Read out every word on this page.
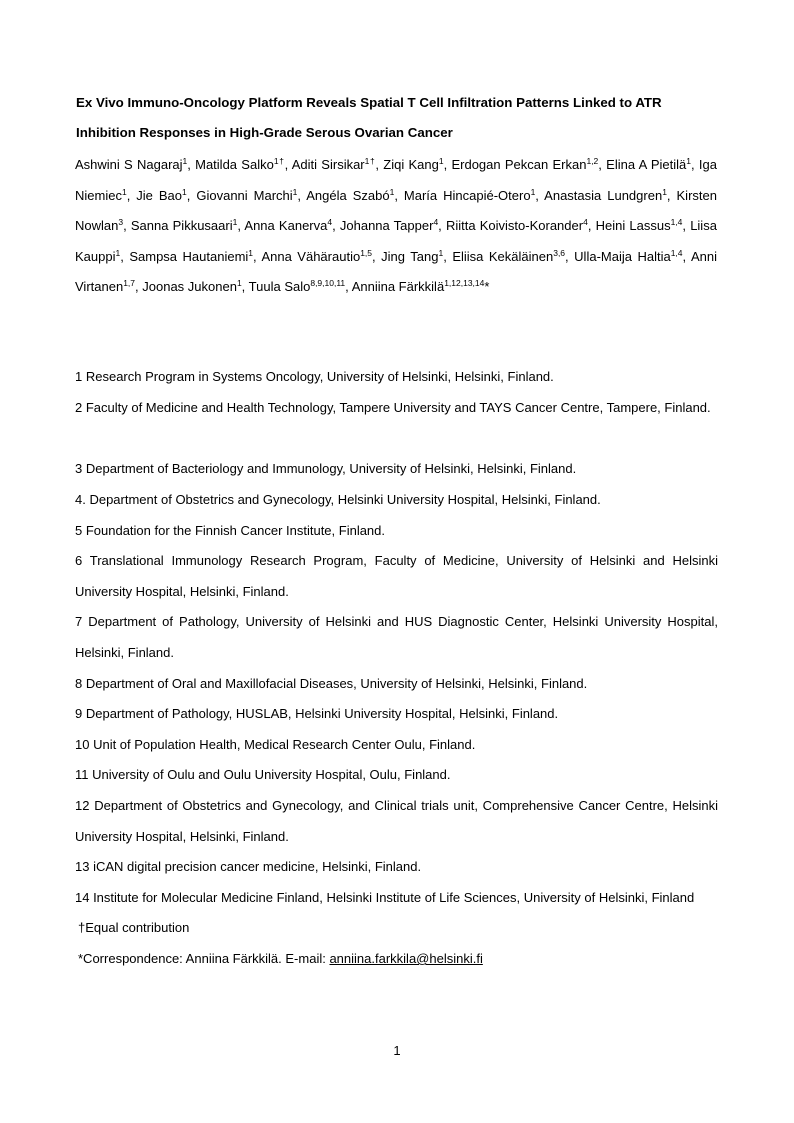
Ex Vivo Immuno-Oncology Platform Reveals Spatial T Cell Infiltration Patterns Linked to ATR
Inhibition Responses in High-Grade Serous Ovarian Cancer
Ashwini S Nagaraj$^1$, Matilda Salko$^{1\dagger}$, Aditi Sirsikar$^{1\dagger}$, Ziqi Kang$^1$, Erdogan Pekcan Erkan$^{1,2}$, Elina A Pietilä$^1$, Iga Niemiec$^1$, Jie Bao$^1$, Giovanni Marchi$^1$, Angéla Szabó$^1$, María Hincapié-Otero$^1$, Anastasia Lundgren$^1$, Kirsten Nowlan$^3$, Sanna Pikkusaari$^1$, Anna Kanerva$^4$, Johanna Tapper$^4$, Riitta Koivisto-Korander$^4$, Heini Lassus$^{1,4}$, Liisa Kauppi$^1$, Sampsa Hautaniemi$^1$, Anna Vähärautio$^{1,5}$, Jing Tang$^1$, Eliisa Kekäläinen$^{3,6}$, Ulla-Maija Haltia$^{1,4}$, Anni Virtanen$^{1,7}$, Joonas Jukonen$^1$, Tuula Salo$^{8,9,10,11}$, Anniina Färkkilä$^{1,12,13,14}$*
1 Research Program in Systems Oncology, University of Helsinki, Helsinki, Finland.
2 Faculty of Medicine and Health Technology, Tampere University and TAYS Cancer Centre, Tampere, Finland.
3 Department of Bacteriology and Immunology, University of Helsinki, Helsinki, Finland.
4. Department of Obstetrics and Gynecology, Helsinki University Hospital, Helsinki, Finland.
5 Foundation for the Finnish Cancer Institute, Finland.
6 Translational Immunology Research Program, Faculty of Medicine, University of Helsinki and Helsinki University Hospital, Helsinki, Finland.
7 Department of Pathology, University of Helsinki and HUS Diagnostic Center, Helsinki University Hospital, Helsinki, Finland.
8 Department of Oral and Maxillofacial Diseases, University of Helsinki, Helsinki, Finland.
9 Department of Pathology, HUSLAB, Helsinki University Hospital, Helsinki, Finland.
10 Unit of Population Health, Medical Research Center Oulu, Finland.
11 University of Oulu and Oulu University Hospital, Oulu, Finland.
12 Department of Obstetrics and Gynecology, and Clinical trials unit, Comprehensive Cancer Centre, Helsinki University Hospital, Helsinki, Finland.
13 iCAN digital precision cancer medicine, Helsinki, Finland.
14 Institute for Molecular Medicine Finland, Helsinki Institute of Life Sciences, University of Helsinki, Finland
†Equal contribution
*Correspondence: Anniina Färkkilä. E-mail: anniina.farkkila@helsinki.fi
1
